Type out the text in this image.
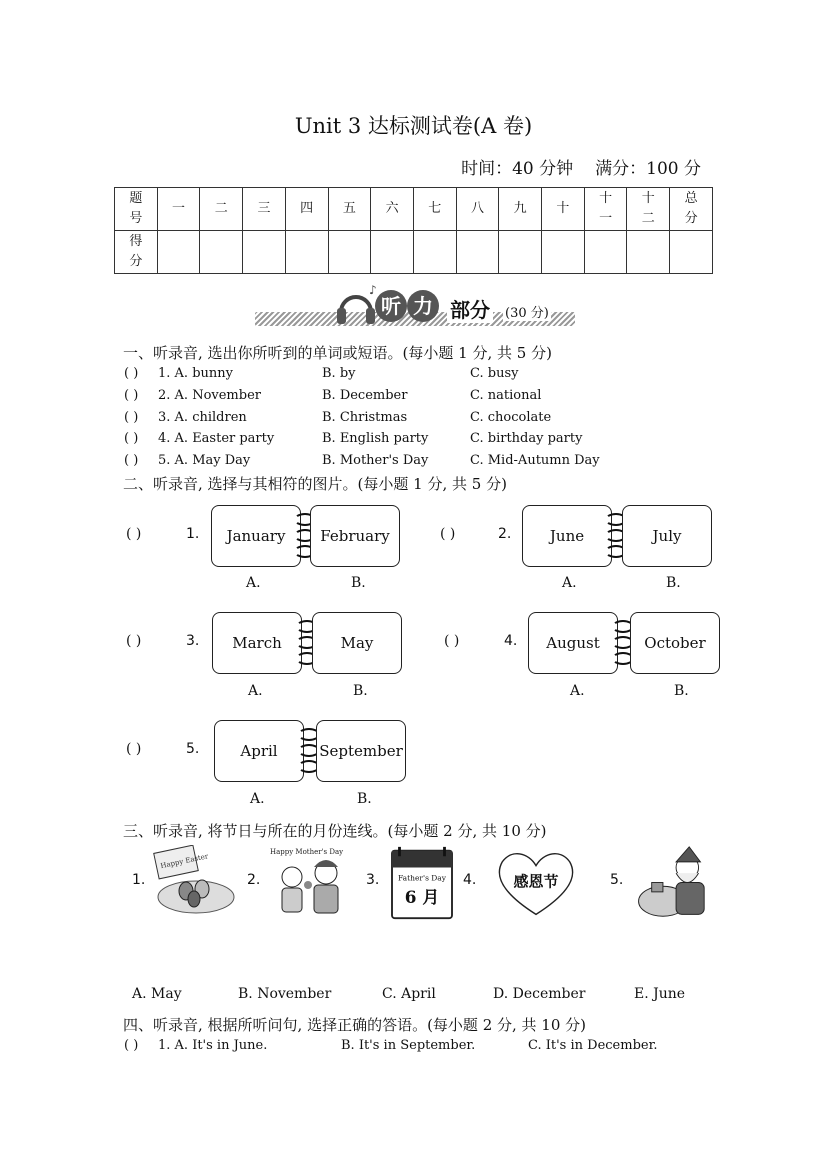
Unit 3 达标测试卷(A 卷)
时间：40 分钟 满分：100 分
题号	一	二	三	四	五	六	七	八	九	十	十一	十二	总分
得分													
♪
听 力 部分 (30 分)
一、听录音, 选出你所听到的单词或短语。(每小题 1 分, 共 5 分)
( ) 1. A. bunny	B. by	C. busy
( ) 2. A. November	B. December	C. national
( ) 3. A. children	B. Christmas	C. chocolate
( ) 4. A. Easter party	B. English party	C. birthday party
( ) 5. A. May Day	B. Mother's Day	C. Mid-Autumn Day
二、听录音, 选择与其相符的图片。(每小题 1 分, 共 5 分)
( )	1.	January	February
A.	B.
( )	2.	June	July
A.	B.
( )	3.	March	May
A.	B.
( )	4.	August	October
A.	B.
( )	5.	April	September
A.	B.
三、听录音, 将节日与所在的月份连线。(每小题 2 分, 共 10 分)
1.
Happy Easter
2.
Happy Mother's Day
3. Father's Day
6 月
4. 感恩节	5.
A. May	B. November	C. April	D. December	E. June
四、听录音, 根据所听问句, 选择正确的答语。(每小题 2 分, 共 10 分)
( ) 1. A. It's in June.	B. It's in September.	C. It's in December.
